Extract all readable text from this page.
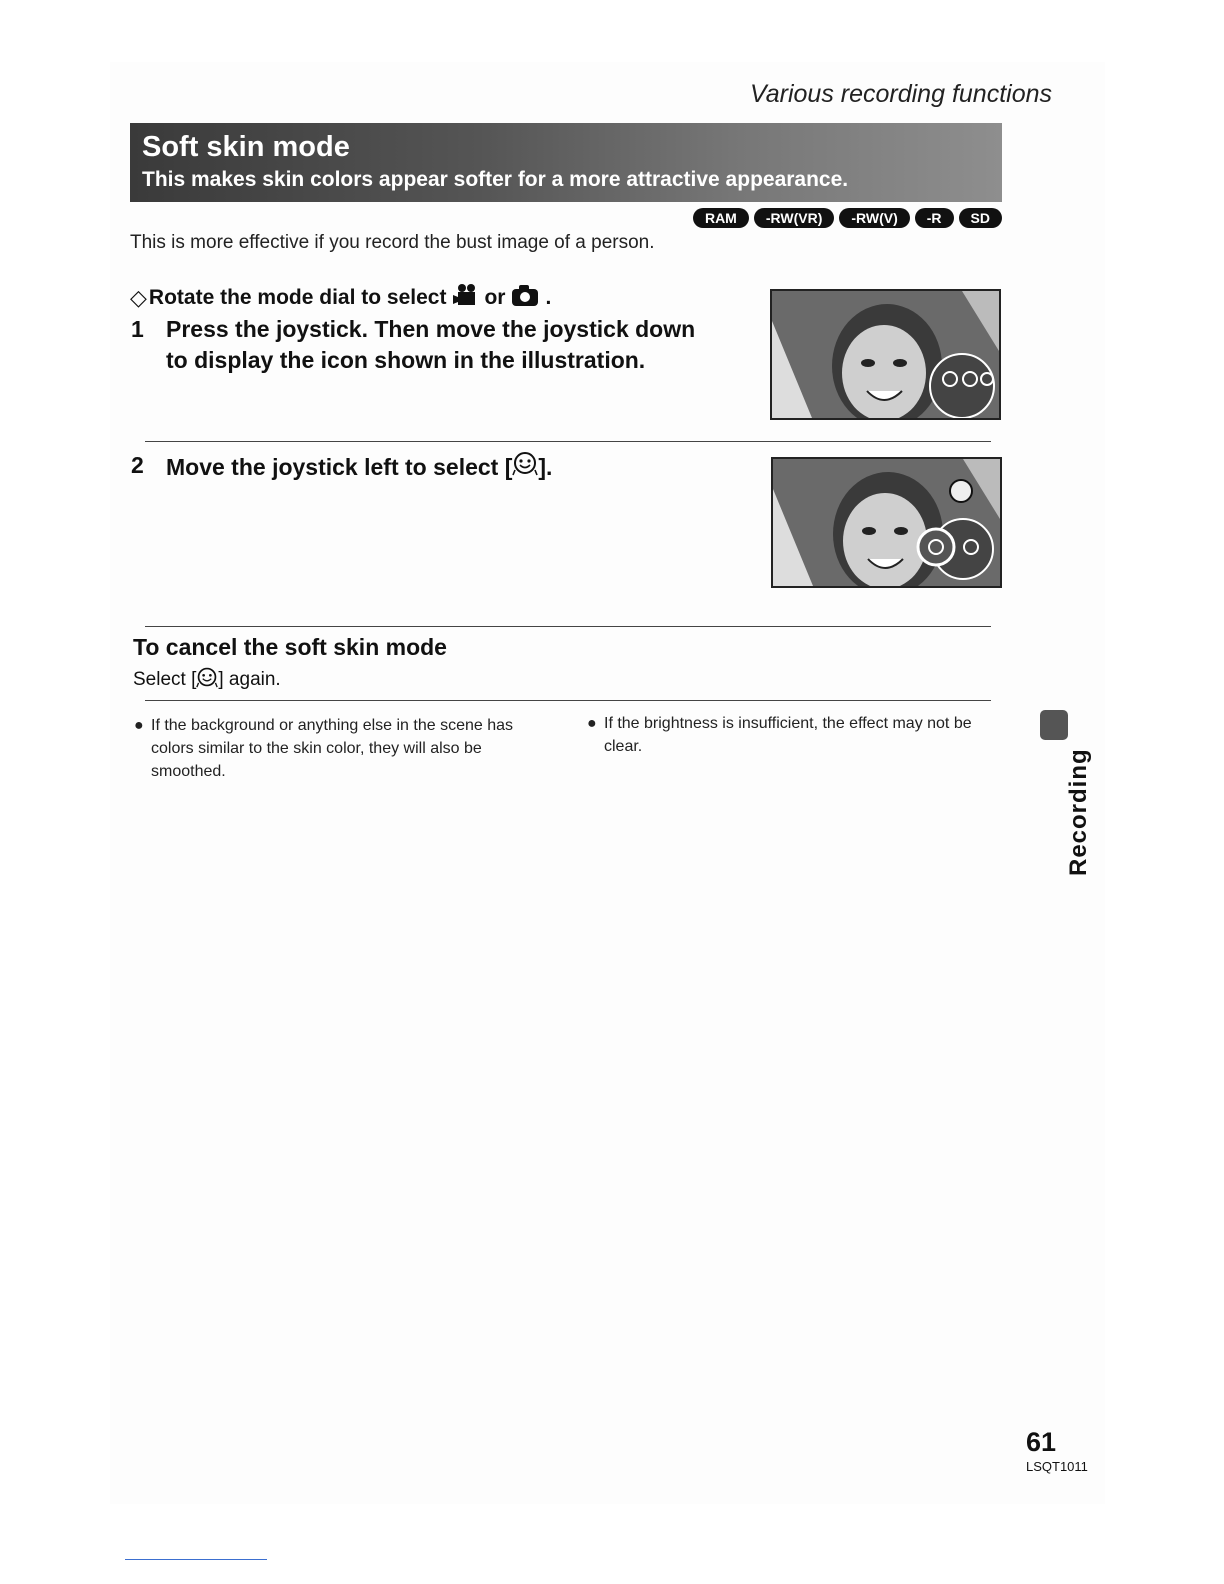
Various recording functions
Soft skin mode
This makes skin colors appear softer for a more attractive appearance.
RAM	-RW(VR)	-RW(V)	-R	SD
This is more effective if you record the bust image of a person.
◇ Rotate the mode dial to select or .
1 Press the joystick. Then move the joystick down
to display the icon shown in the illustration.
2 Move the joystick left to select [ ].
To cancel the soft skin mode
Select [ ] again.
● If the background or anything else in the scene has
colors similar to the skin color, they will also be
smoothed.
● If the brightness is insufficient, the effect may not be
clear.
Recording
61
LSQT1011
